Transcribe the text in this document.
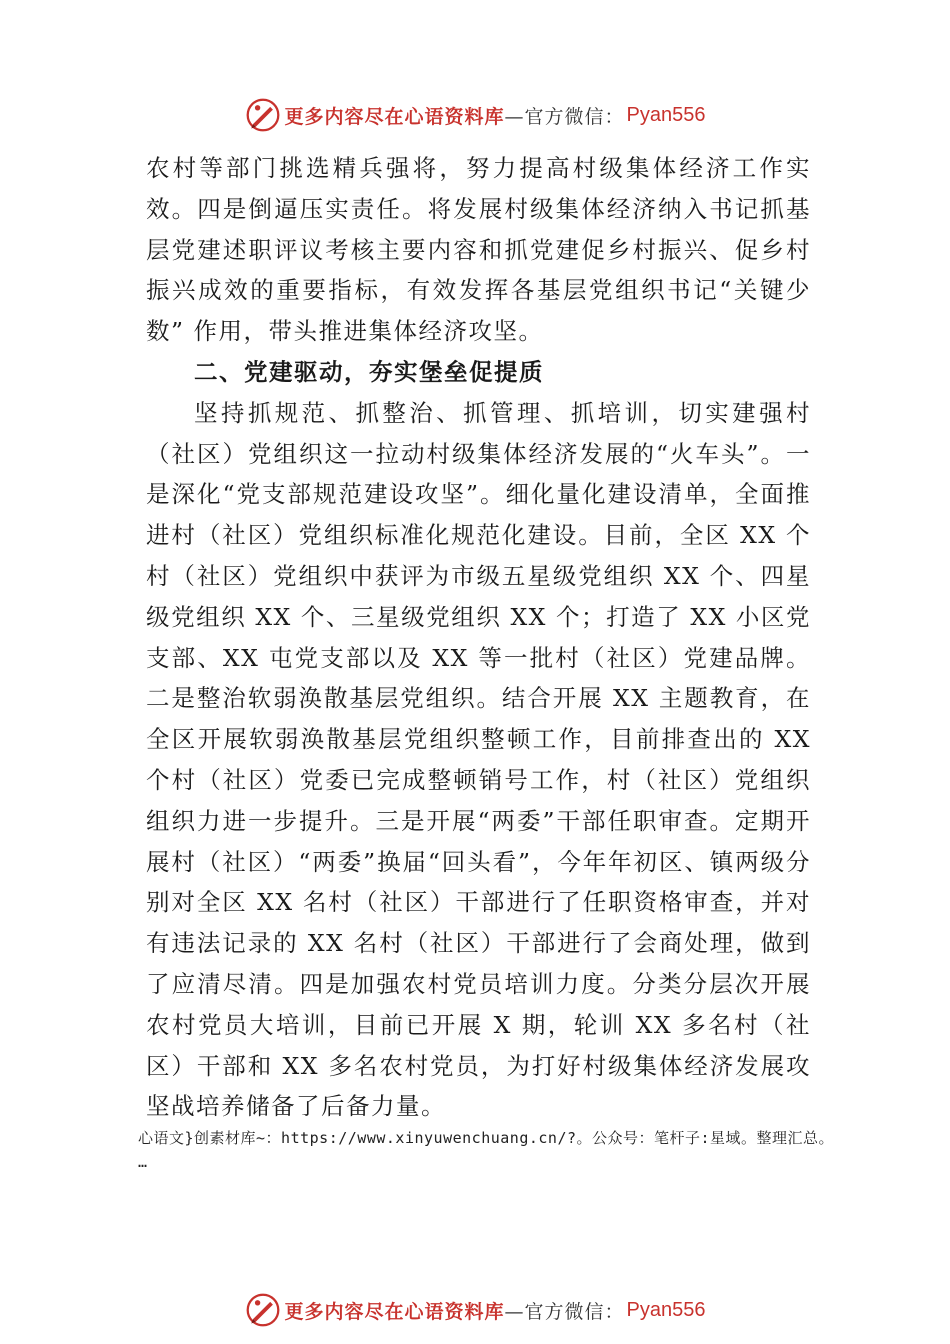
更多内容尽在心语资料库 —官方微信： Pyan556

农村等部门挑选精兵强将，努力提高村级集体经济工作实效。四是倒逼压实责任。将发展村级集体经济纳入书记抓基层党建述职评议考核主要内容和抓党建促乡村振兴、促乡村振兴成效的重要指标，有效发挥各基层党组织书记“关键少数” 作用，带头推进集体经济攻坚。

二、党建驱动，夯实堡垒促提质

坚持抓规范、抓整治、抓管理、抓培训，切实建强村（社区）党组织这一拉动村级集体经济发展的“火车头”。一是深化“党支部规范建设攻坚”。细化量化建设清单，全面推进村（社区）党组织标准化规范化建设。目前，全区 XX 个村（社区）党组织中获评为市级五星级党组织 XX 个、四星级党组织 XX 个、三星级党组织 XX 个；打造了 XX 小区党支部、XX 屯党支部以及 XX 等一批村（社区）党建品牌。二是整治软弱涣散基层党组织。结合开展 XX 主题教育，在全区开展软弱涣散基层党组织整顿工作，目前排查出的 XX 个村（社区）党委已完成整顿销号工作，村（社区）党组织组织力进一步提升。三是开展“两委”干部任职审查。定期开展村（社区）“两委”换届“回头看”，今年年初区、镇两级分别对全区 XX 名村（社区）干部进行了任职资格审查，并对有违法记录的 XX 名村（社区）干部进行了会商处理，做到了应清尽清。四是加强农村党员培训力度。分类分层次开展农村党员大培训，目前已开展 X 期，轮训 XX 多名村（社区）干部和 XX 多名农村党员，为打好村级集体经济发展攻坚战培养储备了后备力量。

心语文}创素材库~：https://www.xinyuwenchuang.cn/?。公众号：笔杆子:星域。整理汇总。
…
更多内容尽在心语资料库 —官方微信： Pyan556
